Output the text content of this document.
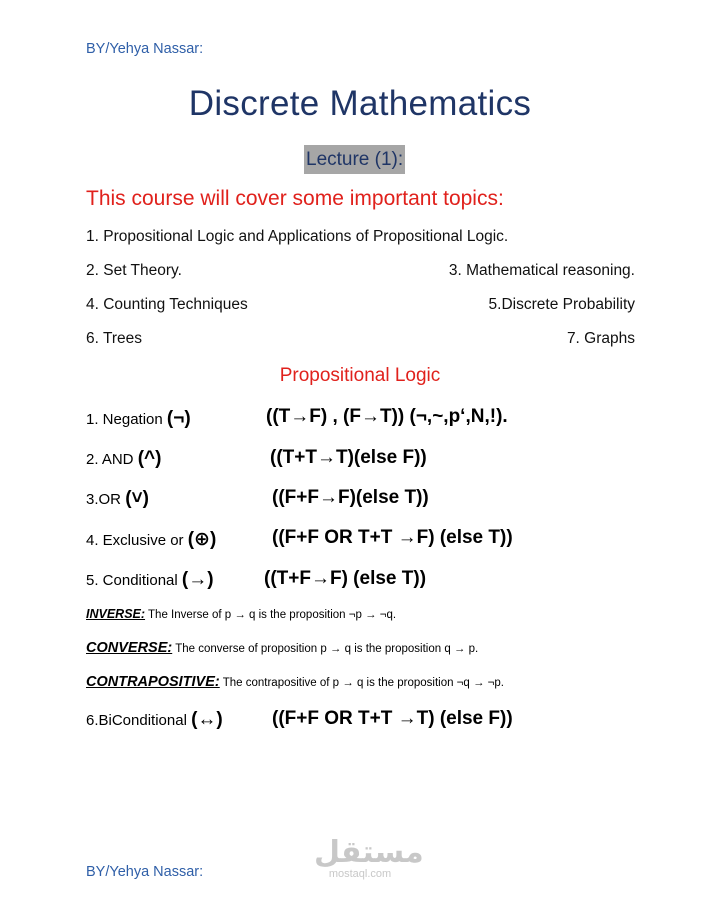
BY/Yehya Nassar:
Discrete Mathematics
Lecture (1):
This course will cover some important topics:
1. Propositional Logic and Applications of Propositional Logic.
2. Set Theory.	3. Mathematical reasoning.
4. Counting Techniques	5.Discrete Probability
6. Trees	7. Graphs
Propositional Logic
1. Negation (¬)	((T→F) , (F→T)) (¬,~,p‘,N,!).
2. AND (^)	((T+T→T)(else F))
3.OR (˅)	((F+F→F)(else T))
4. Exclusive or (⊕)	((F+F OR T+T →F) (else T))
5. Conditional (→)	((T+F→F) (else T))
INVERSE: The Inverse of p → q is the proposition ¬p → ¬q.
CONVERSE: The converse of proposition p → q is the proposition q → p.
CONTRAPOSITIVE: The contrapositive of p → q is the proposition ¬q → ¬p.
6.BiConditional (↔)	((F+F OR T+T →T) (else F))
مستقل
mostaql.com
BY/Yehya Nassar:
